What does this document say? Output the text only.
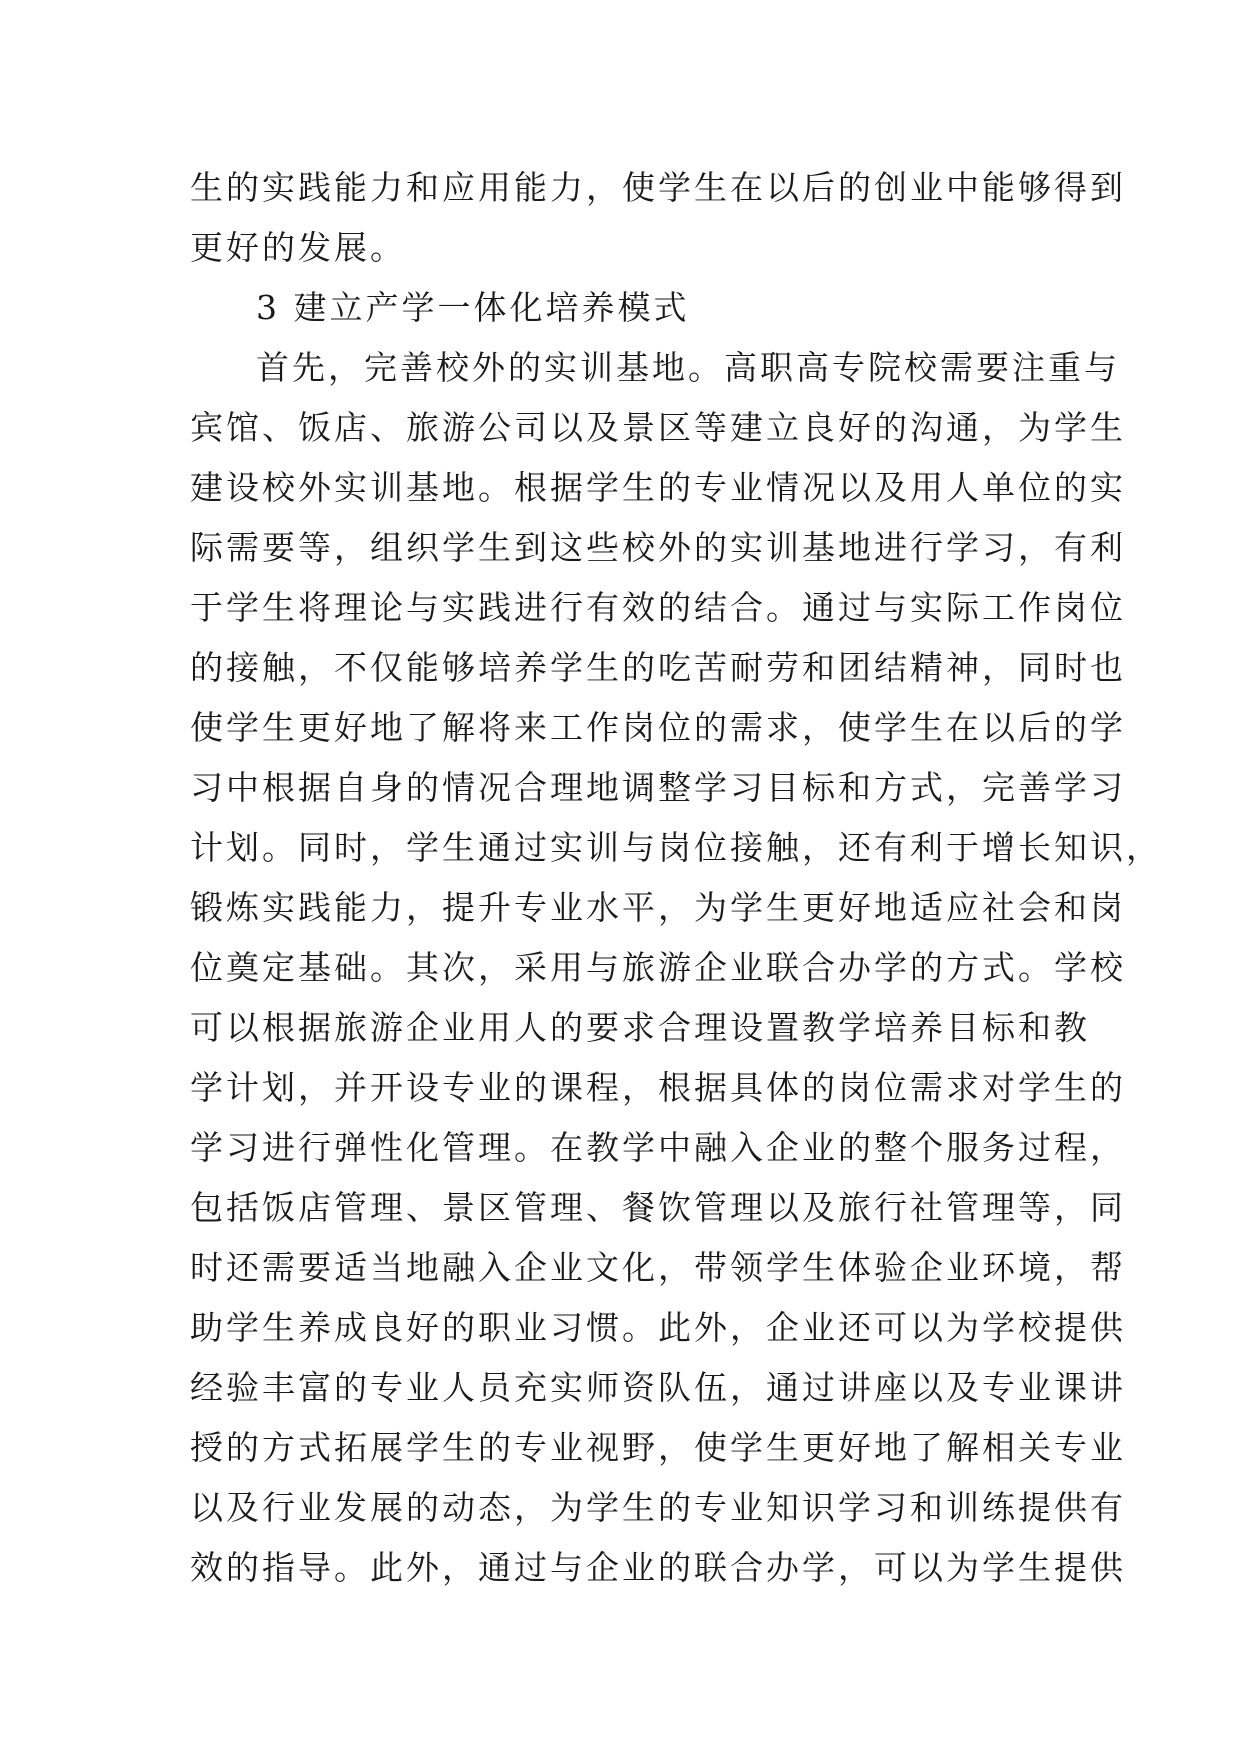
生的实践能力和应用能力，使学生在以后的创业中能够得到
更好的发展。
3 建立产学一体化培养模式
首先，完善校外的实训基地。高职高专院校需要注重与
宾馆、饭店、旅游公司以及景区等建立良好的沟通，为学生
建设校外实训基地。根据学生的专业情况以及用人单位的实
际需要等，组织学生到这些校外的实训基地进行学习，有利
于学生将理论与实践进行有效的结合。通过与实际工作岗位
的接触，不仅能够培养学生的吃苦耐劳和团结精神，同时也
使学生更好地了解将来工作岗位的需求，使学生在以后的学
习中根据自身的情况合理地调整学习目标和方式，完善学习
计划。同时，学生通过实训与岗位接触，还有利于增长知识，
锻炼实践能力，提升专业水平，为学生更好地适应社会和岗
位奠定基础。其次，采用与旅游企业联合办学的方式。学校
可以根据旅游企业用人的要求合理设置教学培养目标和教
学计划，并开设专业的课程，根据具体的岗位需求对学生的
学习进行弹性化管理。在教学中融入企业的整个服务过程，
包括饭店管理、景区管理、餐饮管理以及旅行社管理等，同
时还需要适当地融入企业文化，带领学生体验企业环境，帮
助学生养成良好的职业习惯。此外，企业还可以为学校提供
经验丰富的专业人员充实师资队伍，通过讲座以及专业课讲
授的方式拓展学生的专业视野，使学生更好地了解相关专业
以及行业发展的动态，为学生的专业知识学习和训练提供有
效的指导。此外，通过与企业的联合办学，可以为学生提供
